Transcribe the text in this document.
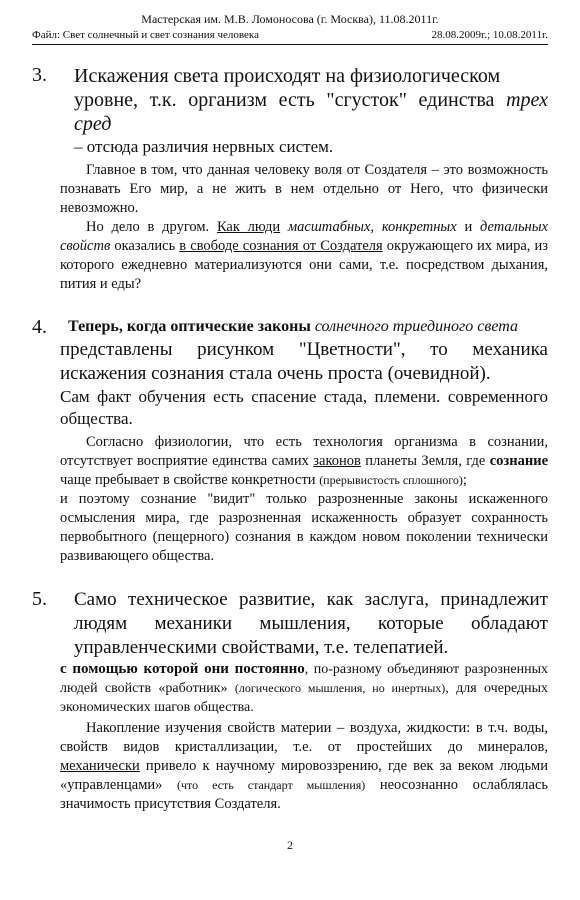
Мастерская им. М.В. Ломоносова (г. Москва), 11.08.2011г.
Файл: Свет солнечный и свет сознания человека	28.08.2009г.; 10.08.2011г.
3. Искажения света происходят на физиологическом
уровне, т.к. организм есть "сгусток" единства трех сред
– отсюда различия нервных систем.

Главное в том, что данная человеку воля от Создателя – это возможность познавать Его мир, а не жить в нем отдельно от Него, что физически невозможно.

Но дело в другом. Как люди масштабных, конкретных и детальных свойств оказались в свободе сознания от Создателя окружающего их мира, из которого ежедневно материализуются они сами, т.е. посредством дыхания, пития и еды?

4. Теперь, когда оптические законы солнечного триединого света
представлены рисунком "Цветности", то механика искажения сознания стала очень проста (очевидной).
Сам факт обучения есть спасение стада, племени. современного общества.

Согласно физиологии, что есть технология организма в сознании, отсутствует восприятие единства самих законов планеты Земля, где сознание чаще пребывает в свойстве конкретности (прерывистость сплошного);

и поэтому сознание "видит" только разрозненные законы искаженного осмысления мира, где разрозненная искаженность образует сохранность первобытного (пещерного) сознания в каждом новом поколении технически развивающего общества.

5. Само техническое развитие, как заслуга, принадлежит людям механики мышления, которые обладают управленческими свойствами, т.е. телепатией.

с помощью которой они постоянно, по-разному объединяют разрозненных людей свойств «работник» (логического мышления, но инертных), для очередных экономических шагов общества.

Накопление изучения свойств материи – воздуха, жидкости: в т.ч. воды, свойств видов кристаллизации, т.е. от простейших до минералов, механически привело к научному мировоззрению, где век за веком людьми «управленцами» (что есть стандарт мышления) неосознанно ослаблялась значимость присутствия Создателя.

2
